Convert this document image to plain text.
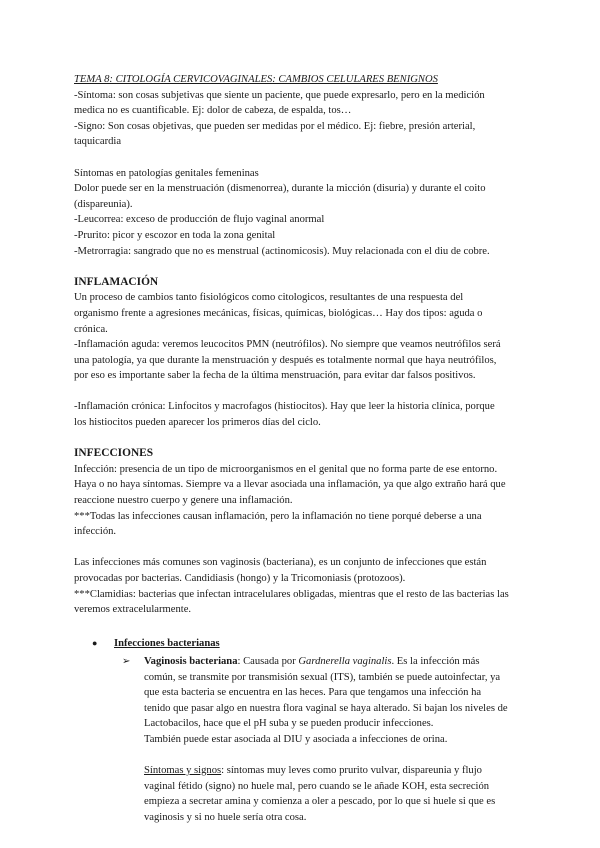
TEMA 8: CITOLOGÍA CERVICOVAGINALES: CAMBIOS CELULARES BENIGNOS
-Síntoma: son cosas subjetivas que siente un paciente, que puede expresarlo, pero en la medición
medica no es cuantificable. Ej: dolor de cabeza, de espalda, tos…
-Signo: Son cosas objetivas, que pueden ser medidas por el médico. Ej: fiebre, presión arterial,
taquicardia
Síntomas en patologías genitales femeninas
Dolor puede ser en la menstruación (dismenorrea), durante la micción (disuria) y durante el coito
(dispareunia).
-Leucorrea: exceso de producción de flujo vaginal anormal
-Prurito: picor y escozor en toda la zona genital
-Metrorragia: sangrado que no es menstrual (actinomicosis). Muy relacionada con el diu de cobre.
INFLAMACIÓN
Un proceso de cambios tanto fisiológicos como citologicos, resultantes de una respuesta del
organismo frente a agresiones mecánicas, físicas, químicas, biológicas… Hay dos tipos: aguda o
crónica.
-Inflamación aguda: veremos leucocitos PMN (neutrófilos). No siempre que veamos neutrófilos será
una patología, ya que durante la menstruación y después es totalmente normal que haya neutrófilos,
por eso es importante saber la fecha de la última menstruación, para evitar dar falsos positivos.
-Inflamación crónica: Linfocitos y macrofagos (histiocitos). Hay que leer la historia clínica, porque
los histiocitos pueden aparecer los primeros días del ciclo.
INFECCIONES
Infección: presencia de un tipo de microorganismos en el genital que no forma parte de ese entorno.
Haya o no haya síntomas. Siempre va a llevar asociada una inflamación, ya que algo extraño hará que
reaccione nuestro cuerpo y genere una inflamación.
***Todas las infecciones causan inflamación, pero la inflamación no tiene porqué deberse a una
infección.
Las infecciones más comunes son vaginosis (bacteriana), es un conjunto de infecciones que están
provocadas por bacterias. Candidiasis (hongo) y la Tricomoniasis (protozoos).
***Clamidias: bacterias que infectan intracelulares obligadas, mientras que el resto de las bacterias las
veremos extracelularmente.
●	Infecciones bacterianas
➢	Vaginosis bacteriana: Causada por Gardnerella vaginalis. Es la infección más
común, se transmite por transmisión sexual (ITS), también se puede autoinfectar, ya
que esta bacteria se encuentra en las heces. Para que tengamos una infección ha
tenido que pasar algo en nuestra flora vaginal se haya alterado. Si bajan los niveles de
Lactobacilos, hace que el pH suba y se pueden producir infecciones.
También puede estar asociada al DIU y asociada a infecciones de orina.
Síntomas y signos: síntomas muy leves como prurito vulvar, dispareunia y flujo
vaginal fétido (signo) no huele mal, pero cuando se le añade KOH, esta secreción
empieza a secretar amina y comienza a oler a pescado, por lo que si huele si que es
vaginosis y si no huele sería otra cosa.
